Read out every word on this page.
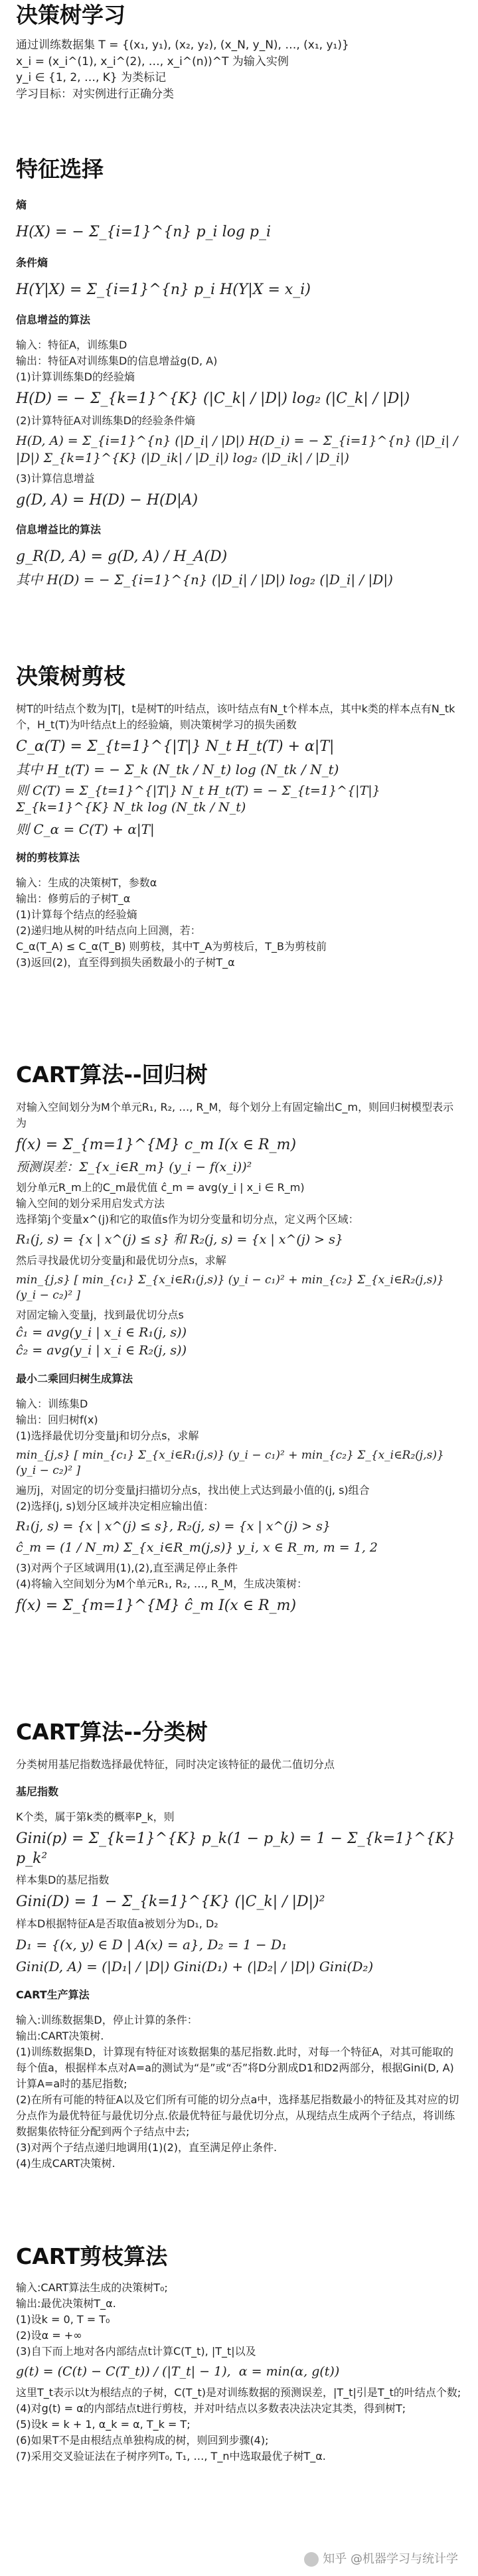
决策树学习

通过训练数据集 T = {(x₁, y₁), (x₂, y₂), (x_N, y_N), …, (x₁, y₁)}

x_i = (x_i^(1), x_i^(2), …, x_i^(n))^T 为输入实例

y_i ∈ {1, 2, …, K} 为类标记

学习目标：对实例进行正确分类

特征选择

熵

H(X) = − Σ_{i=1}^{n} p_i log p_i

条件熵

H(Y|X) = Σ_{i=1}^{n} p_i H(Y|X = x_i)

信息增益的算法

输入：特征A，训练集D

输出：特征A对训练集D的信息增益g(D, A)

(1)计算训练集D的经验熵

H(D) = − Σ_{k=1}^{K} (|C_k| / |D|) log₂ (|C_k| / |D|)

(2)计算特征A对训练集D的经验条件熵

H(D, A) = Σ_{i=1}^{n} (|D_i| / |D|) H(D_i) = − Σ_{i=1}^{n} (|D_i| / |D|) Σ_{k=1}^{K} (|D_ik| / |D_i|) log₂ (|D_ik| / |D_i|)

(3)计算信息增益

g(D, A) = H(D) − H(D|A)

信息增益比的算法

g_R(D, A) = g(D, A) / H_A(D)

其中 H(D) = − Σ_{i=1}^{n} (|D_i| / |D|) log₂ (|D_i| / |D|)

决策树剪枝

树T的叶结点个数为|T|，t是树T的叶结点，该叶结点有N_t个样本点，其中k类的样本点有N_tk个，H_t(T)为叶结点t上的经验熵，则决策树学习的损失函数

C_α(T) = Σ_{t=1}^{|T|} N_t H_t(T) + α|T|

其中 H_t(T) = − Σ_k (N_tk / N_t) log (N_tk / N_t)

则 C(T) = Σ_{t=1}^{|T|} N_t H_t(T) = − Σ_{t=1}^{|T|} Σ_{k=1}^{K} N_tk log (N_tk / N_t)

则 C_α = C(T) + α|T|

树的剪枝算法

输入：生成的决策树T，参数α

输出：修剪后的子树T_α

(1)计算每个结点的经验熵

(2)递归地从树的叶结点向上回测，若：

C_α(T_A) ≤ C_α(T_B) 则剪枝，其中T_A为剪枝后，T_B为剪枝前

(3)返回(2)，直至得到损失函数最小的子树T_α

CART算法--回归树

对输入空间划分为M个单元R₁, R₂, …, R_M，每个划分上有固定输出C_m，则回归树模型表示为

f(x) = Σ_{m=1}^{M} c_m I(x ∈ R_m)

预测误差：Σ_{x_i∈R_m} (y_i − f(x_i))²

划分单元R_m上的C_m最优值 ĉ_m = avg(y_i | x_i ∈ R_m)

输入空间的划分采用启发式方法

选择第j个变量x^(j)和它的取值s作为切分变量和切分点，定义两个区域：

R₁(j, s) = {x | x^(j) ≤ s} 和 R₂(j, s) = {x | x^(j) > s}

然后寻找最优切分变量j和最优切分点s，求解

min_{j,s} [ min_{c₁} Σ_{x_i∈R₁(j,s)} (y_i − c₁)² + min_{c₂} Σ_{x_i∈R₂(j,s)} (y_i − c₂)² ]

对固定输入变量j，找到最优切分点s

ĉ₁ = avg(y_i | x_i ∈ R₁(j, s))

ĉ₂ = avg(y_i | x_i ∈ R₂(j, s))

最小二乘回归树生成算法

输入：训练集D

输出：回归树f(x)

(1)选择最优切分变量j和切分点s，求解

min_{j,s} [ min_{c₁} Σ_{x_i∈R₁(j,s)} (y_i − c₁)² + min_{c₂} Σ_{x_i∈R₂(j,s)} (y_i − c₂)² ]

遍历j，对固定的切分变量j扫描切分点s，找出使上式达到最小值的(j, s)组合

(2)选择(j, s)划分区域并决定相应输出值：

R₁(j, s) = {x | x^(j) ≤ s}, R₂(j, s) = {x | x^(j) > s}

ĉ_m = (1 / N_m) Σ_{x_i∈R_m(j,s)} y_i, x ∈ R_m, m = 1, 2

(3)对两个子区域调用(1),(2),直至满足停止条件

(4)将输入空间划分为M个单元R₁, R₂, …, R_M，生成决策树：

f(x) = Σ_{m=1}^{M} ĉ_m I(x ∈ R_m)

CART算法--分类树

分类树用基尼指数选择最优特征，同时决定该特征的最优二值切分点

基尼指数

K个类，属于第k类的概率P_k，则

Gini(p) = Σ_{k=1}^{K} p_k(1 − p_k) = 1 − Σ_{k=1}^{K} p_k²

样本集D的基尼指数

Gini(D) = 1 − Σ_{k=1}^{K} (|C_k| / |D|)²

样本D根据特征A是否取值a被划分为D₁, D₂

D₁ = {(x, y) ∈ D | A(x) = a}, D₂ = 1 − D₁

Gini(D, A) = (|D₁| / |D|) Gini(D₁) + (|D₂| / |D|) Gini(D₂)

CART生产算法

输入:训练数据集D，停止计算的条件：

输出:CART决策树.

(1)训练数据集D，计算现有特征对该数据集的基尼指数.此时，对每一个特征A，对其可能取的每个值a，根据样本点对A=a的测试为“是”或“否”将D分割成D1和D2两部分，根据Gini(D, A)计算A=a时的基尼指数;

(2)在所有可能的特征A以及它们所有可能的切分点a中，选择基尼指数最小的特征及其对应的切分点作为最优特征与最优切分点.依最优特征与最优切分点，从现结点生成两个子结点，将训练数据集依特征分配到两个子结点中去;

(3)对两个子结点递归地调用(1)(2)，直至满足停止条件.

(4)生成CART决策树.

CART剪枝算法

输入:CART算法生成的决策树T₀;

输出:最优决策树T_α.

(1)设k = 0, T = T₀

(2)设α = +∞

(3)自下而上地对各内部结点t计算C(T_t), |T_t|以及

g(t) = (C(t) − C(T_t)) / (|T_t| − 1),  α = min(α, g(t))

这里T_t表示以t为根结点的子树，C(T_t)是对训练数据的预测误差，|T_t|引是T_t的叶结点个数;

(4)对g(t) = α的内部结点t进行剪枝，并对叶结点以多数表决法决定其类，得到树T;

(5)设k = k + 1, α_k = α, T_k = T;

(6)如果T不是由根结点单独构成的树，则回到步骤(4);

(7)采用交叉验证法在子树序列T₀, T₁, …, T_n中选取最优子树T_α.

知乎 @机器学习与统计学
